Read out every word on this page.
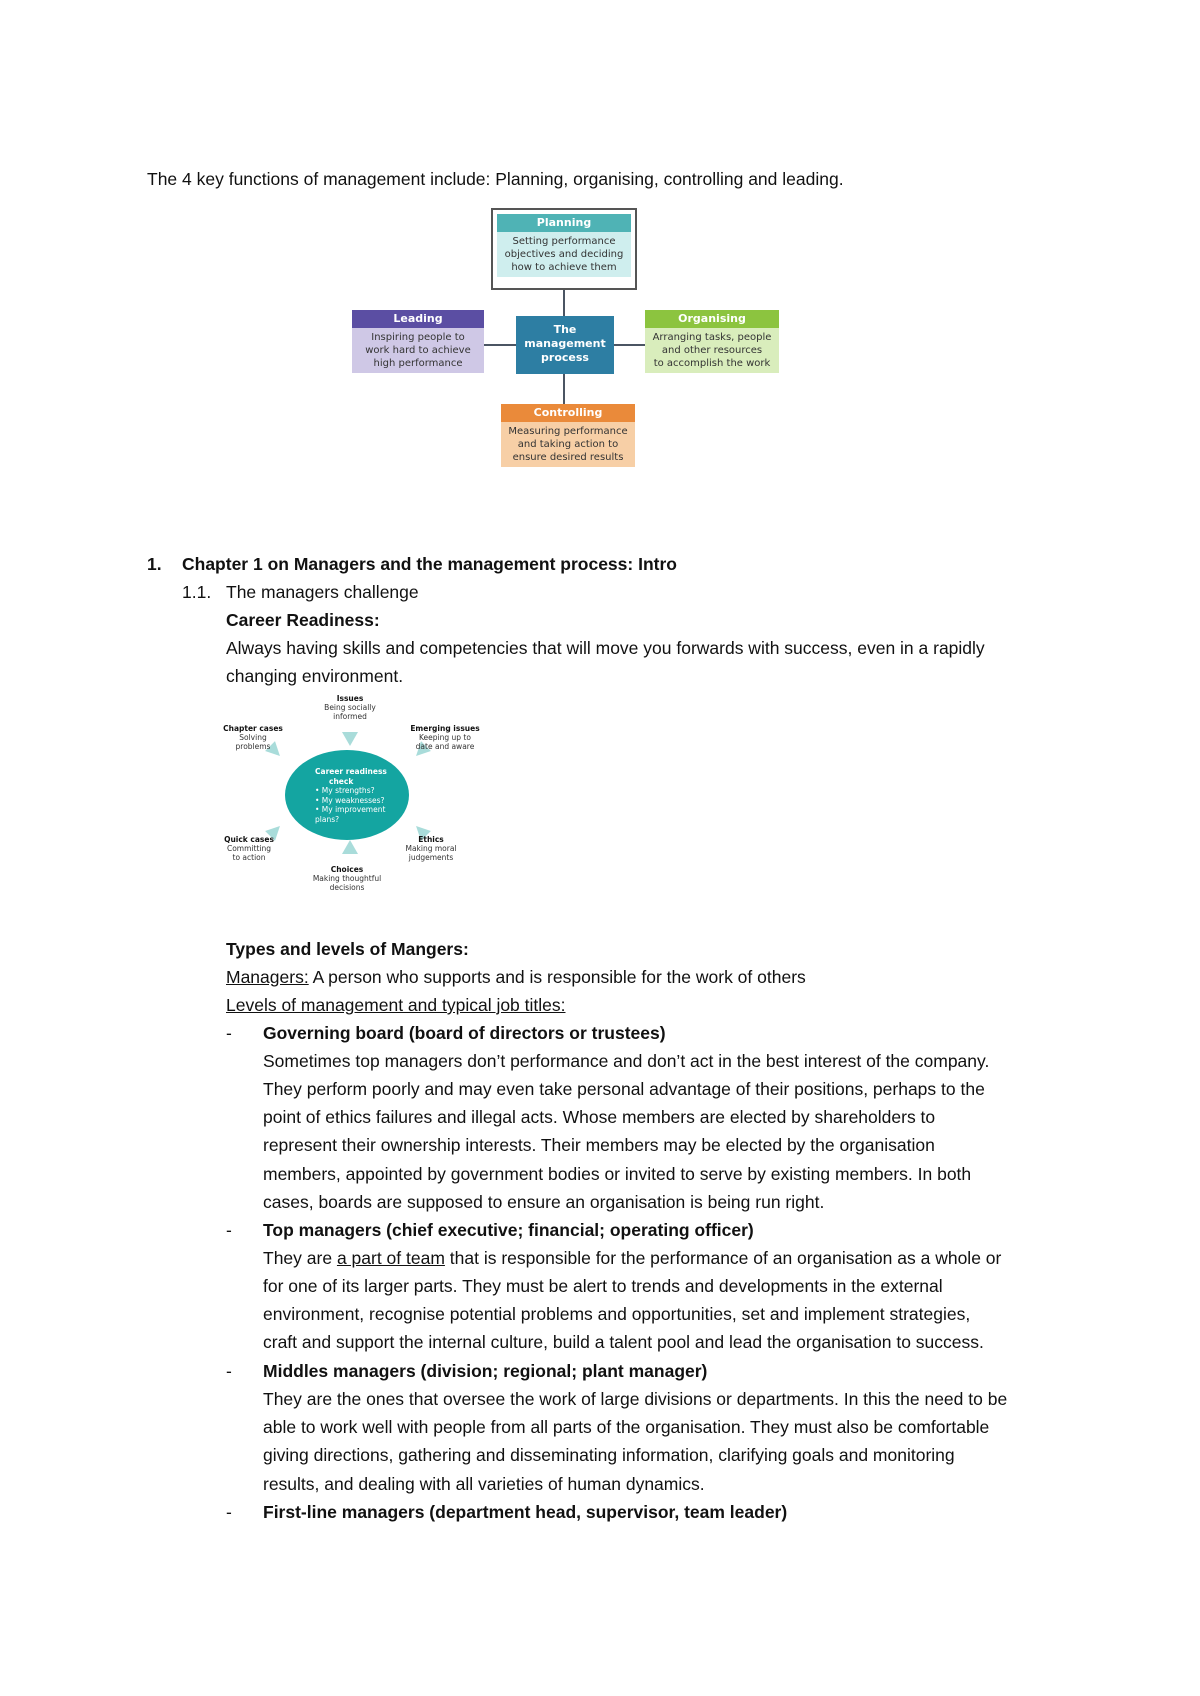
The 4 key functions of management include: Planning, organising, controlling and leading.
Planning
Setting performance
objectives and deciding
how to achieve them
Leading
Inspiring people to
work hard to achieve
high performance
The
management
process
Organising
Arranging tasks, people
and other resources
to accomplish the work
Controlling
Measuring performance
and taking action to
ensure desired results
1. Chapter 1 on Managers and the management process: Intro
1.1. The managers challenge
Career Readiness:
Always having skills and competencies that will move you forwards with success, even in a rapidly
changing environment.
Career readiness
check
• My strengths?
• My weaknesses?
• My improvement
plans?
Issues
Being socially
informed
Chapter cases
Solving
problems
Emerging issues
Keeping up to
date and aware
Quick cases
Committing
to action
Ethics
Making moral
judgements
Choices
Making thoughtful
decisions
Types and levels of Mangers:
Managers: A person who supports and is responsible for the work of others
Levels of management and typical job titles:
- Governing board (board of directors or trustees)
Sometimes top managers don’t performance and don’t act in the best interest of the company.
They perform poorly and may even take personal advantage of their positions, perhaps to the
point of ethics failures and illegal acts. Whose members are elected by shareholders to
represent their ownership interests. Their members may be elected by the organisation
members, appointed by government bodies or invited to serve by existing members. In both
cases, boards are supposed to ensure an organisation is being run right.
- Top managers (chief executive; financial; operating officer)
They are a part of team that is responsible for the performance of an organisation as a whole or
for one of its larger parts. They must be alert to trends and developments in the external
environment, recognise potential problems and opportunities, set and implement strategies,
craft and support the internal culture, build a talent pool and lead the organisation to success.
- Middles managers (division; regional; plant manager)
They are the ones that oversee the work of large divisions or departments. In this the need to be
able to work well with people from all parts of the organisation. They must also be comfortable
giving directions, gathering and disseminating information, clarifying goals and monitoring
results, and dealing with all varieties of human dynamics.
- First-line managers (department head, supervisor, team leader)
